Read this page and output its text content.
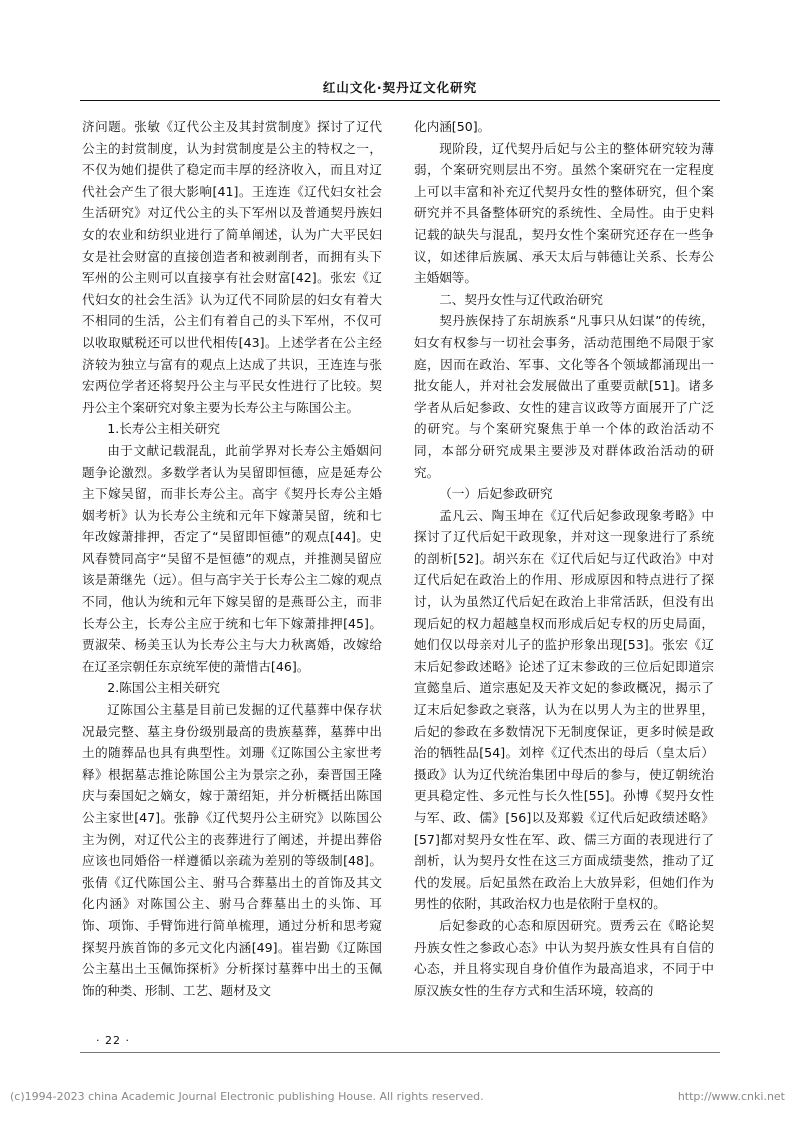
红山文化·契丹辽文化研究

济问题。张敏《辽代公主及其封赏制度》探讨了辽代公主的封赏制度，认为封赏制度是公主的特权之一，不仅为她们提供了稳定而丰厚的经济收入，而且对辽代社会产生了很大影响[41]。王连连《辽代妇女社会生活研究》对辽代公主的头下军州以及普通契丹族妇女的农业和纺织业进行了简单阐述，认为广大平民妇女是社会财富的直接创造者和被剥削者，而拥有头下军州的公主则可以直接享有社会财富[42]。张宏《辽代妇女的社会生活》认为辽代不同阶层的妇女有着大不相同的生活，公主们有着自己的头下军州，不仅可以收取赋税还可以世代相传[43]。上述学者在公主经济较为独立与富有的观点上达成了共识，王连连与张宏两位学者还将契丹公主与平民女性进行了比较。契丹公主个案研究对象主要为长寿公主与陈国公主。

1.长寿公主相关研究

由于文献记载混乱，此前学界对长寿公主婚姻问题争论激烈。多数学者认为吴留即恒德，应是延寿公主下嫁吴留，而非长寿公主。高宇《契丹长寿公主婚姻考析》认为长寿公主统和元年下嫁萧吴留，统和七年改嫁萧排押，否定了“吴留即恒德”的观点[44]。史风春赞同高宇“吴留不是恒德”的观点，并推测吴留应该是萧继先（远）。但与高宇关于长寿公主二嫁的观点不同，他认为统和元年下嫁吴留的是燕哥公主，而非长寿公主，长寿公主应于统和七年下嫁萧排押[45]。贾淑荣、杨美玉认为长寿公主与大力秋离婚，改嫁给在辽圣宗朝任东京统军使的萧惜古[46]。

2.陈国公主相关研究

辽陈国公主墓是目前已发掘的辽代墓葬中保存状况最完整、墓主身份级别最高的贵族墓葬，墓葬中出土的随葬品也具有典型性。刘珊《辽陈国公主家世考释》根据墓志推论陈国公主为景宗之孙，秦晋国王隆庆与秦国妃之嫡女，嫁于萧绍矩，并分析概括出陈国公主家世[47]。张静《辽代契丹公主研究》以陈国公主为例，对辽代公主的丧葬进行了阐述，并提出葬俗应该也同婚俗一样遵循以亲疏为差别的等级制[48]。张倩《辽代陈国公主、驸马合葬墓出土的首饰及其文化内涵》对陈国公主、驸马合葬墓出土的头饰、耳饰、项饰、手臂饰进行简单梳理，通过分析和思考窥探契丹族首饰的多元文化内涵[49]。崔岩勤《辽陈国公主墓出土玉佩饰探析》分析探讨墓葬中出土的玉佩饰的种类、形制、工艺、题材及文

化内涵[50]。

现阶段，辽代契丹后妃与公主的整体研究较为薄弱，个案研究则层出不穷。虽然个案研究在一定程度上可以丰富和补充辽代契丹女性的整体研究，但个案研究并不具备整体研究的系统性、全局性。由于史料记载的缺失与混乱，契丹女性个案研究还存在一些争议，如述律后族属、承天太后与韩德让关系、长寿公主婚姻等。

二、契丹女性与辽代政治研究

契丹族保持了东胡族系“凡事只从妇谋”的传统，妇女有权参与一切社会事务，活动范围绝不局限于家庭，因而在政治、军事、文化等各个领域都涌现出一批女能人，并对社会发展做出了重要贡献[51]。诸多学者从后妃参政、女性的建言议政等方面展开了广泛的研究。与个案研究聚焦于单一个体的政治活动不同，本部分研究成果主要涉及对群体政治活动的研究。

（一）后妃参政研究

孟凡云、陶玉坤在《辽代后妃参政现象考略》中探讨了辽代后妃干政现象，并对这一现象进行了系统的剖析[52]。胡兴东在《辽代后妃与辽代政治》中对辽代后妃在政治上的作用、形成原因和特点进行了探讨，认为虽然辽代后妃在政治上非常活跃，但没有出现后妃的权力超越皇权而形成后妃专权的历史局面，她们仅以母亲对儿子的监护形象出现[53]。张宏《辽末后妃参政述略》论述了辽末参政的三位后妃即道宗宣懿皇后、道宗惠妃及天祚文妃的参政概况，揭示了辽末后妃参政之衰落，认为在以男人为主的世界里，后妃的参政在多数情况下无制度保证，更多时候是政治的牺牲品[54]。刘梓《辽代杰出的母后（皇太后）摄政》认为辽代统治集团中母后的参与，使辽朝统治更具稳定性、多元性与长久性[55]。孙博《契丹女性与军、政、儒》[56]以及郑毅《辽代后妃政绩述略》[57]都对契丹女性在军、政、儒三方面的表现进行了剖析，认为契丹女性在这三方面成绩斐然，推动了辽代的发展。后妃虽然在政治上大放异彩，但她们作为男性的依附，其政治权力也是依附于皇权的。

后妃参政的心态和原因研究。贾秀云在《略论契丹族女性之参政心态》中认为契丹族女性具有自信的心态，并且将实现自身价值作为最高追求，不同于中原汉族女性的生存方式和生活环境，较高的

· 22 ·
(c)1994-2023 china Academic Journal Electronic publishing House. All rights reserved.	http://www.cnki.net
